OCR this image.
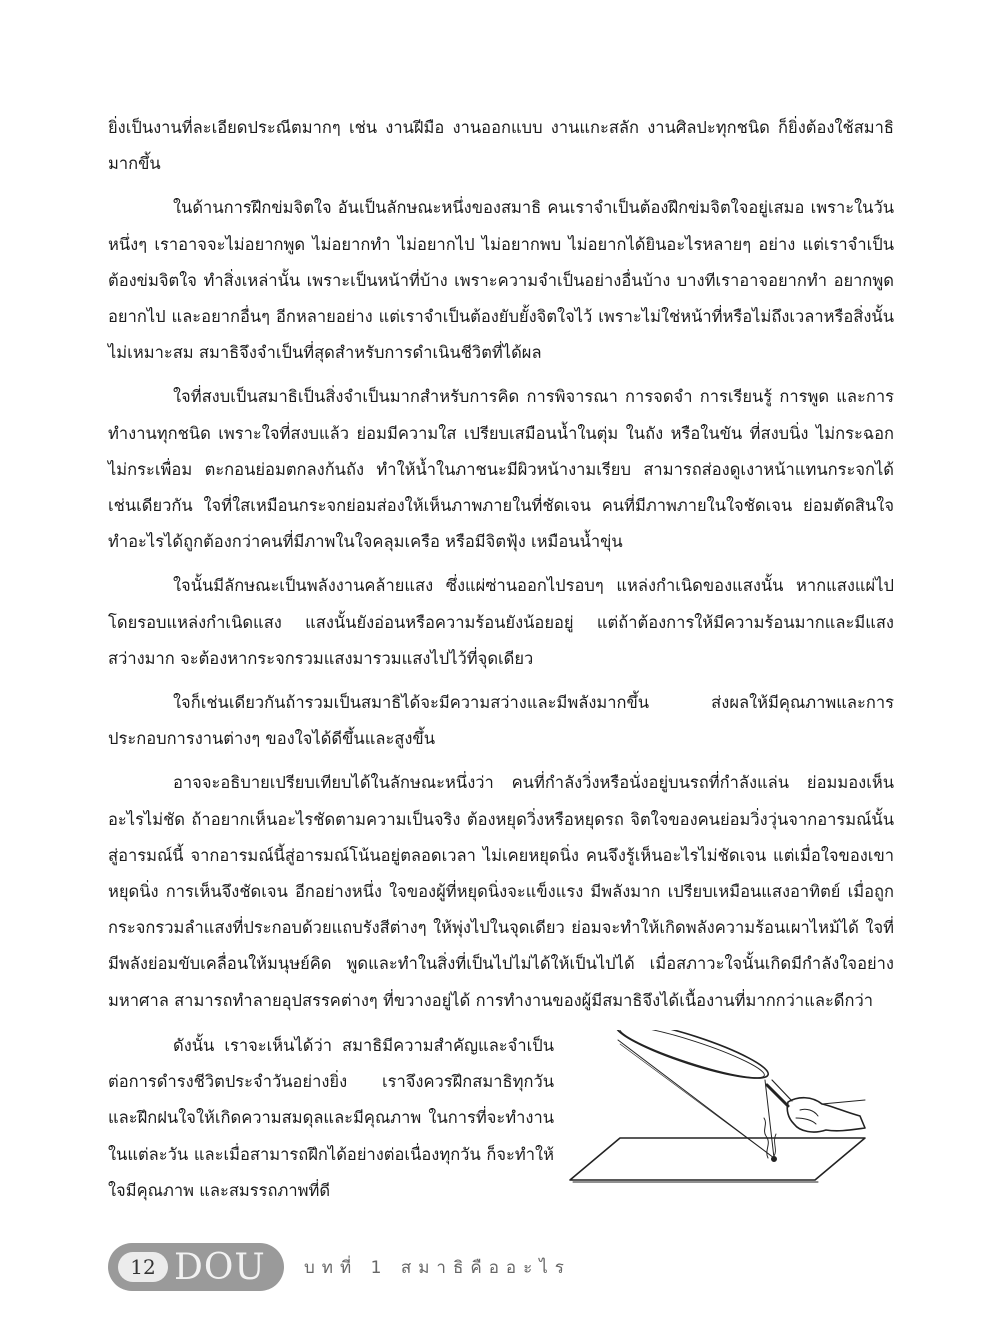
ยิ่งเป็นงานที่ละเอียดประณีตมากๆ เช่น งานฝีมือ งานออกแบบ งานแกะสลัก งานศิลปะทุกชนิด ก็ยิ่งต้องใช้สมาธิมากขึ้น

ในด้านการฝึกข่มจิตใจ อันเป็นลักษณะหนึ่งของสมาธิ คนเราจำเป็นต้องฝึกข่มจิตใจอยู่เสมอ เพราะในวันหนึ่งๆ เราอาจจะไม่อยากพูด ไม่อยากทำ ไม่อยากไป ไม่อยากพบ ไม่อยากได้ยินอะไรหลายๆ อย่าง แต่เราจำเป็นต้องข่มจิตใจ ทำสิ่งเหล่านั้น เพราะเป็นหน้าที่บ้าง เพราะความจำเป็นอย่างอื่นบ้าง บางทีเราอาจอยากทำ อยากพูด อยากไป และอยากอื่นๆ อีกหลายอย่าง แต่เราจำเป็นต้องยับยั้งจิตใจไว้ เพราะไม่ใช่หน้าที่หรือไม่ถึงเวลาหรือสิ่งนั้นไม่เหมาะสม สมาธิจึงจำเป็นที่สุดสำหรับการดำเนินชีวิตที่ได้ผล

ใจที่สงบเป็นสมาธิเป็นสิ่งจำเป็นมากสำหรับการคิด การพิจารณา การจดจำ การเรียนรู้ การพูด และการทำงานทุกชนิด เพราะใจที่สงบแล้ว ย่อมมีความใส เปรียบเสมือนน้ำในตุ่ม ในถัง หรือในขัน ที่สงบนิ่ง ไม่กระฉอก ไม่กระเพื่อม ตะกอนย่อมตกลงก้นถัง ทำให้น้ำในภาชนะมีผิวหน้างามเรียบ สามารถส่องดูเงาหน้าแทนกระจกได้ เช่นเดียวกัน ใจที่ใสเหมือนกระจกย่อมส่องให้เห็นภาพภายในที่ชัดเจน คนที่มีภาพภายในใจชัดเจน ย่อมตัดสินใจทำอะไรได้ถูกต้องกว่าคนที่มีภาพในใจคลุมเครือ หรือมีจิตฟุ้ง เหมือนน้ำขุ่น

ใจนั้นมีลักษณะเป็นพลังงานคล้ายแสง ซึ่งแผ่ซ่านออกไปรอบๆ แหล่งกำเนิดของแสงนั้น หากแสงแผ่ไปโดยรอบแหล่งกำเนิดแสง แสงนั้นยังอ่อนหรือความร้อนยังน้อยอยู่ แต่ถ้าต้องการให้มีความร้อนมากและมีแสงสว่างมาก จะต้องหากระจกรวมแสงมารวมแสงไปไว้ที่จุดเดียว

ใจก็เช่นเดียวกันถ้ารวมเป็นสมาธิได้จะมีความสว่างและมีพลังมากขึ้น ส่งผลให้มีคุณภาพและการประกอบการงานต่างๆ ของใจได้ดีขึ้นและสูงขึ้น

อาจจะอธิบายเปรียบเทียบได้ในลักษณะหนึ่งว่า คนที่กำลังวิ่งหรือนั่งอยู่บนรถที่กำลังแล่น ย่อมมองเห็นอะไรไม่ชัด ถ้าอยากเห็นอะไรชัดตามความเป็นจริง ต้องหยุดวิ่งหรือหยุดรถ จิตใจของคนย่อมวิ่งวุ่นจากอารมณ์นั้นสู่อารมณ์นี้ จากอารมณ์นี้สู่อารมณ์โน้นอยู่ตลอดเวลา ไม่เคยหยุดนิ่ง คนจึงรู้เห็นอะไรไม่ชัดเจน แต่เมื่อใจของเขาหยุดนิ่ง การเห็นจึงชัดเจน อีกอย่างหนึ่ง ใจของผู้ที่หยุดนิ่งจะแข็งแรง มีพลังมาก เปรียบเหมือนแสงอาทิตย์ เมื่อถูกกระจกรวมลำแสงที่ประกอบด้วยแถบรังสีต่างๆ ให้พุ่งไปในจุดเดียว ย่อมจะทำให้เกิดพลังความร้อนเผาไหม้ได้ ใจที่มีพลังย่อมขับเคลื่อนให้มนุษย์คิด พูดและทำในสิ่งที่เป็นไปไม่ได้ให้เป็นไปได้ เมื่อสภาวะใจนั้นเกิดมีกำลังใจอย่างมหาศาล สามารถทำลายอุปสรรคต่างๆ ที่ขวางอยู่ได้ การทำงานของผู้มีสมาธิจึงได้เนื้องานที่มากกว่าและดีกว่า

ดังนั้น เราจะเห็นได้ว่า สมาธิมีความสำคัญและจำเป็นต่อการดำรงชีวิตประจำวันอย่างยิ่ง เราจึงควรฝึกสมาธิทุกวัน และฝึกฝนใจให้เกิดความสมดุลและมีคุณภาพ ในการที่จะทำงานในแต่ละวัน และเมื่อสามารถฝึกได้อย่างต่อเนื่องทุกวัน ก็จะทำให้ใจมีคุณภาพ และสมรรถภาพที่ดี

12 DOU บทที่ 1 สมาธิคืออะไร
